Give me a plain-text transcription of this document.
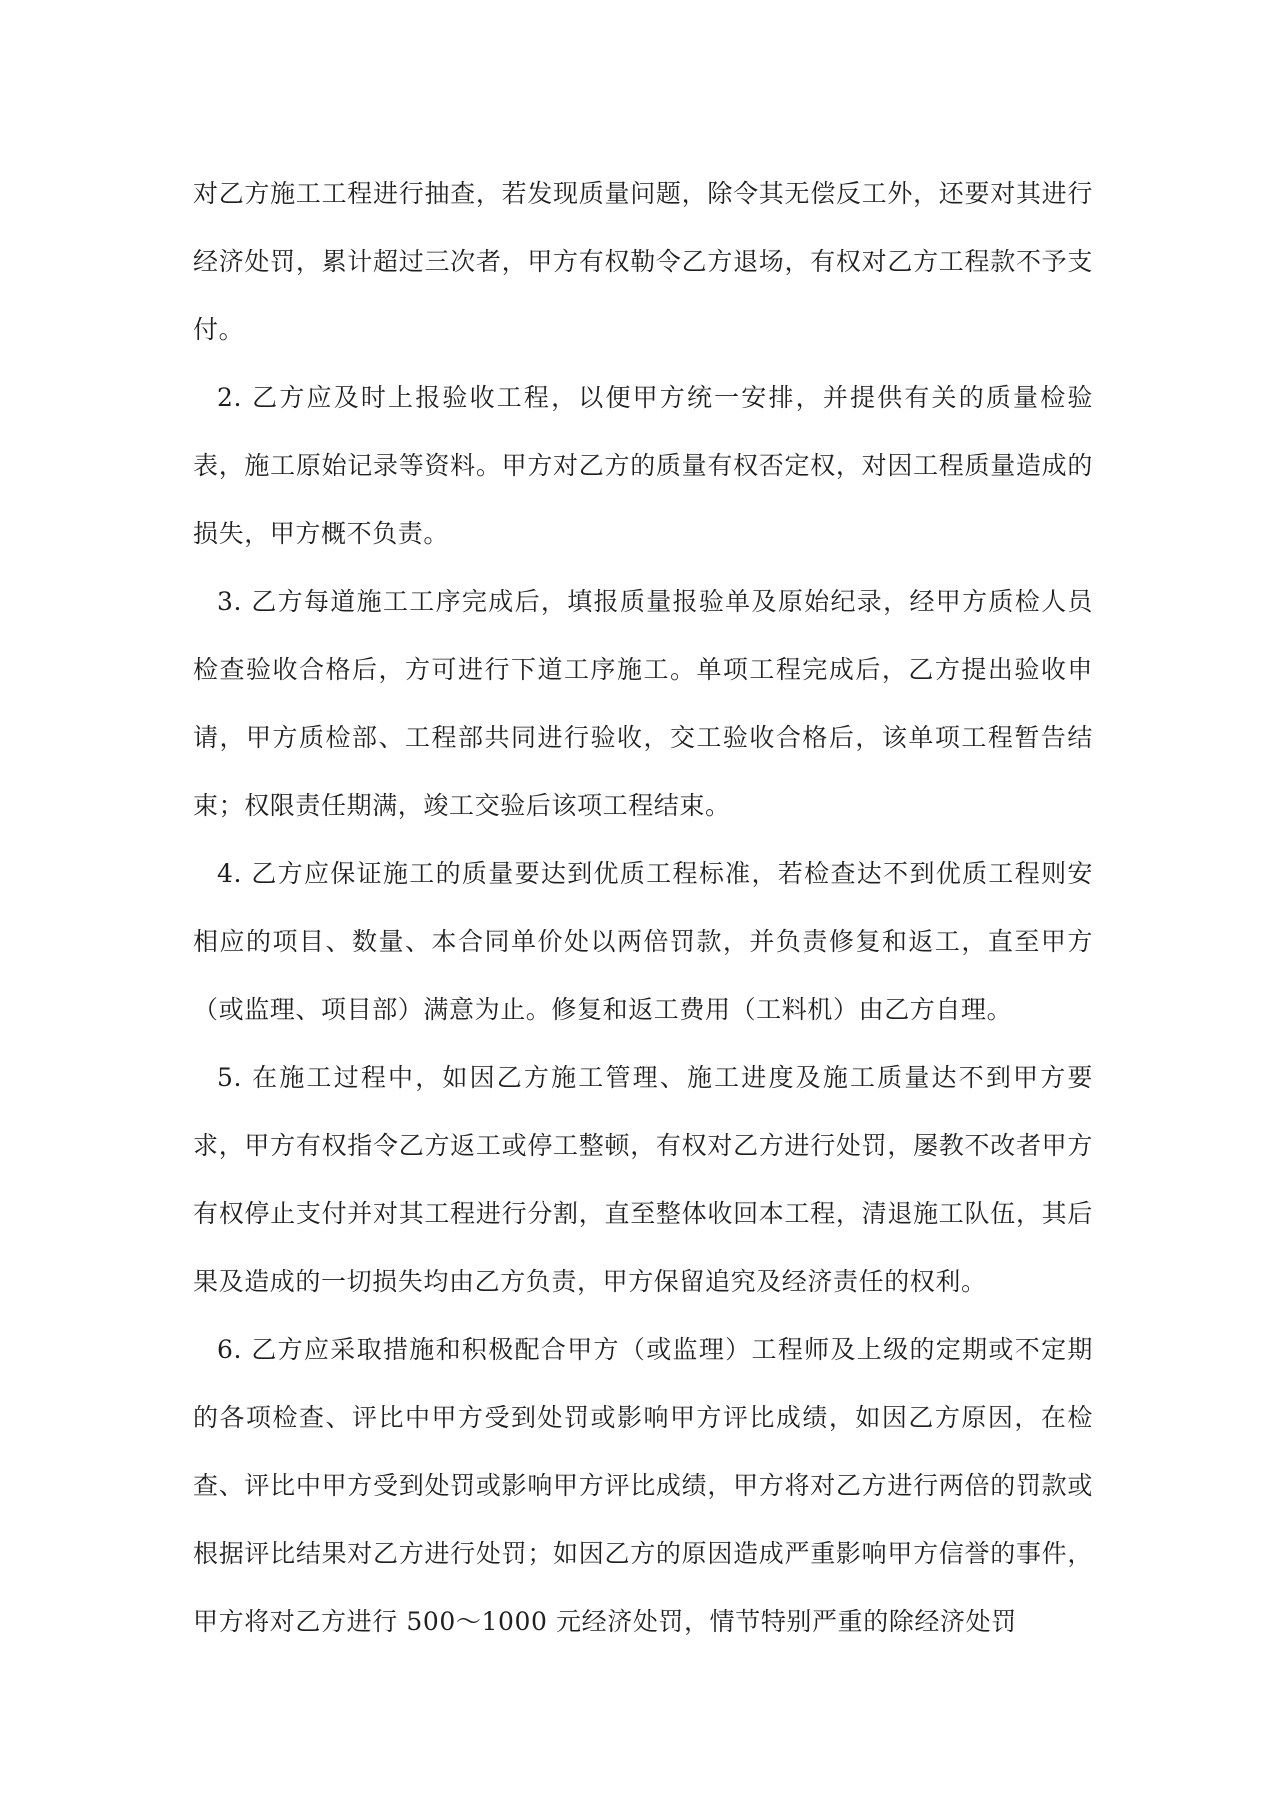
对乙方施工工程进行抽查，若发现质量问题，除令其无偿反工外，还要对其进行经济处罚，累计超过三次者，甲方有权勒令乙方退场，有权对乙方工程款不予支付。

2. 乙方应及时上报验收工程，以便甲方统一安排，并提供有关的质量检验表，施工原始记录等资料。甲方对乙方的质量有权否定权，对因工程质量造成的损失，甲方概不负责。

3. 乙方每道施工工序完成后，填报质量报验单及原始纪录，经甲方质检人员检查验收合格后，方可进行下道工序施工。单项工程完成后，乙方提出验收申请，甲方质检部、工程部共同进行验收，交工验收合格后，该单项工程暂告结束；权限责任期满，竣工交验后该项工程结束。

4. 乙方应保证施工的质量要达到优质工程标准，若检查达不到优质工程则安相应的项目、数量、本合同单价处以两倍罚款，并负责修复和返工，直至甲方（或监理、项目部）满意为止。修复和返工费用（工料机）由乙方自理。

5. 在施工过程中，如因乙方施工管理、施工进度及施工质量达不到甲方要求，甲方有权指令乙方返工或停工整顿，有权对乙方进行处罚，屡教不改者甲方有权停止支付并对其工程进行分割，直至整体收回本工程，清退施工队伍，其后果及造成的一切损失均由乙方负责，甲方保留追究及经济责任的权利。

6. 乙方应采取措施和积极配合甲方（或监理）工程师及上级的定期或不定期的各项检查、评比中甲方受到处罚或影响甲方评比成绩，如因乙方原因，在检查、评比中甲方受到处罚或影响甲方评比成绩，甲方将对乙方进行两倍的罚款或根据评比结果对乙方进行处罚；如因乙方的原因造成严重影响甲方信誉的事件，甲方将对乙方进行 500～1000 元经济处罚，情节特别严重的除经济处罚
